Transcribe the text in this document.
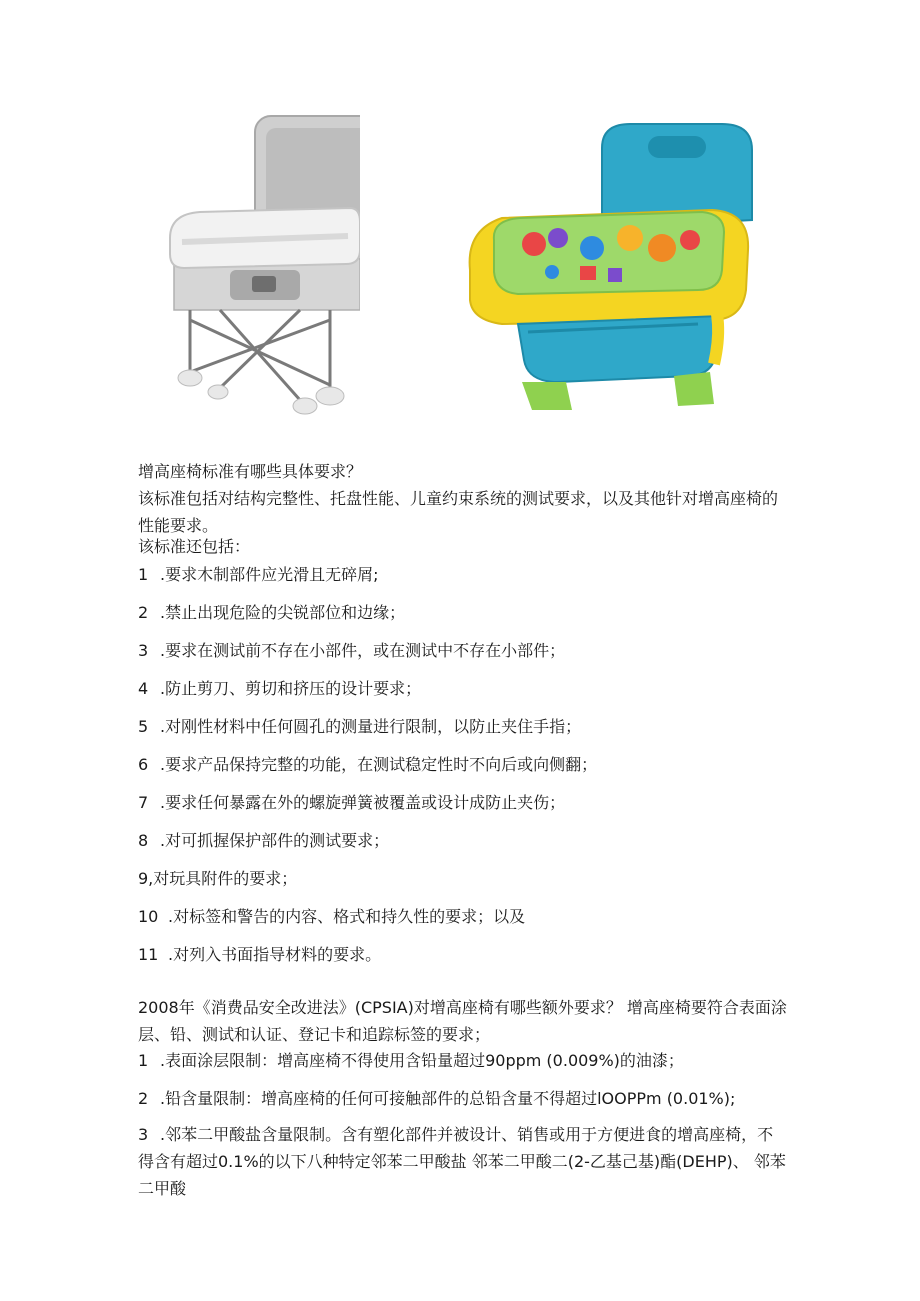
增高座椅标准有哪些具体要求？
该标准包括对结构完整性、托盘性能、儿童约束系统的测试要求，以及其他针对增高座椅的 性能要求。
该标准还包括：
1 .要求木制部件应光滑且无碎屑;
2 .禁止出现危险的尖锐部位和边缘；
3 .要求在测试前不存在小部件，或在测试中不存在小部件；
4 .防止剪刀、剪切和挤压的设计要求；
5 .对刚性材料中任何圆孔的测量进行限制，以防止夹住手指；
6 .要求产品保持完整的功能，在测试稳定性时不向后或向侧翻；
7 .要求任何暴露在外的螺旋弹簧被覆盖或设计成防止夹伤；
8 .对可抓握保护部件的测试要求；
9,对玩具附件的要求；
10 .对标签和警告的内容、格式和持久性的要求；以及
11 .对列入书面指导材料的要求。
2008年《消费品安全改进法》(CPSIA)对增高座椅有哪些额外要求？ 增高座椅要符合表面涂层、铅、测试和认证、登记卡和追踪标签的要求；
1 .表面涂层限制：增高座椅不得使用含铅量超过90ppm (0.009%)的油漆；
2 .铅含量限制：增高座椅的任何可接触部件的总铅含量不得超过lOOPPm (0.01%);
3 .邻苯二甲酸盐含量限制。含有塑化部件并被设计、销售或用于方便进食的增高座椅，不 得含有超过0.1%的以下八种特定邻苯二甲酸盐 邻苯二甲酸二(2-乙基己基)酯(DEHP)、 邻苯二甲酸
